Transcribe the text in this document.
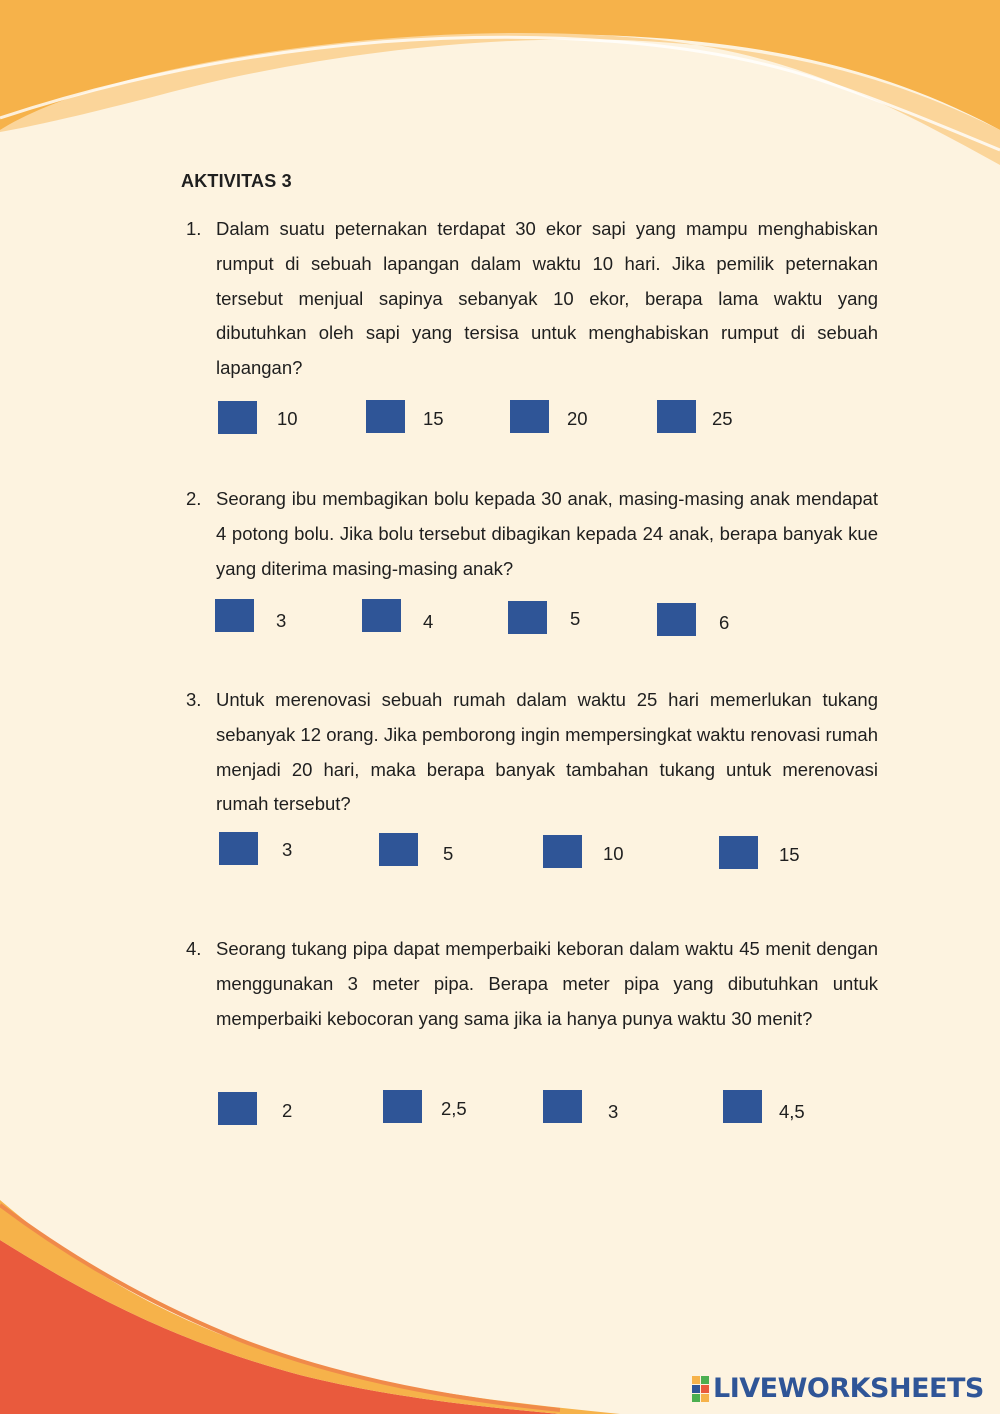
AKTIVITAS 3
1. Dalam suatu peternakan terdapat 30 ekor sapi yang mampu menghabiskan rumput di sebuah lapangan dalam waktu 10 hari. Jika pemilik peternakan tersebut menjual sapinya sebanyak 10 ekor, berapa lama waktu yang dibutuhkan oleh sapi yang tersisa untuk menghabiskan rumput di sebuah lapangan?
10	15	20	25
2. Seorang ibu membagikan bolu kepada 30 anak, masing-masing anak mendapat 4 potong bolu. Jika bolu tersebut dibagikan kepada 24 anak, berapa banyak kue yang diterima masing-masing anak?
3	4	5	6
3. Untuk merenovasi sebuah rumah dalam waktu 25 hari memerlukan tukang sebanyak 12 orang. Jika pemborong ingin mempersingkat waktu renovasi rumah menjadi 20 hari, maka berapa banyak tambahan tukang untuk merenovasi rumah tersebut?
3	5	10	15
4. Seorang tukang pipa dapat memperbaiki keboran dalam waktu 45 menit dengan menggunakan 3 meter pipa. Berapa meter pipa yang dibutuhkan untuk memperbaiki kebocoran yang sama jika ia hanya punya waktu 30 menit?
2	2,5	3	4,5
LIVEWORKSHEETS
